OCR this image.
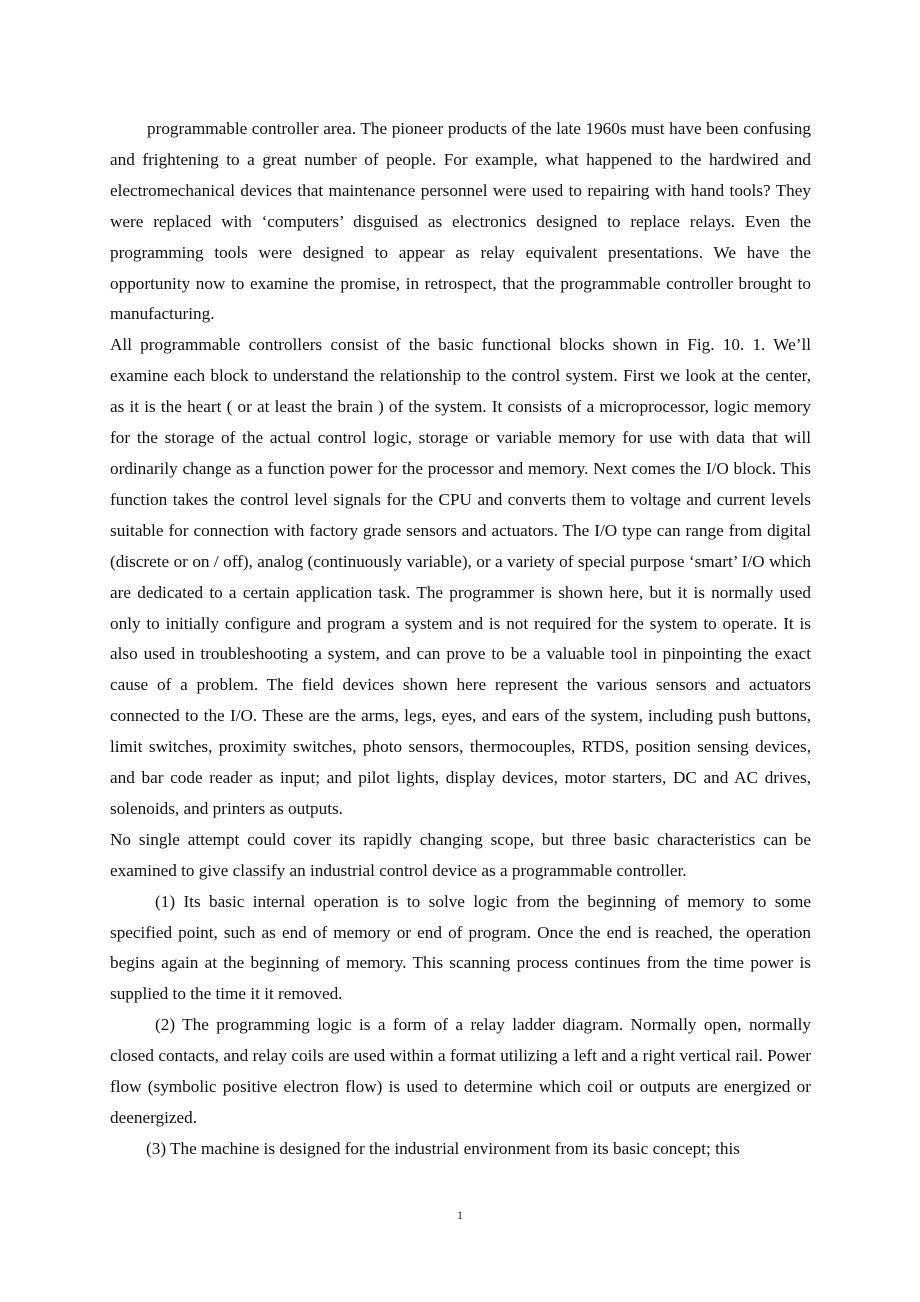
programmable controller area. The pioneer products of the late 1960s must have been confusing and frightening to a great number of people. For example, what happened to the hardwired and electromechanical devices that maintenance personnel were used to repairing with hand tools? They were replaced with ‘computers’ disguised as electronics designed to replace relays. Even the programming tools were designed to appear as relay equivalent presentations. We have the opportunity now to examine the promise, in retrospect, that the programmable controller brought to manufacturing.

All programmable controllers consist of the basic functional blocks shown in Fig. 10. 1. We’ll examine each block to understand the relationship to the control system. First we look at the center, as it is the heart ( or at least the brain ) of the system. It consists of a microprocessor, logic memory for the storage of the actual control logic, storage or variable memory for use with data that will ordinarily change as a function power for the processor and memory. Next comes the I/O block. This function takes the control level signals for the CPU and converts them to voltage and current levels suitable for connection with factory grade sensors and actuators. The I/O type can range from digital (discrete or on / off), analog (continuously variable), or a variety of special purpose ‘smart’ I/O which are dedicated to a certain application task. The programmer is shown here, but it is normally used only to initially configure and program a system and is not required for the system to operate. It is also used in troubleshooting a system, and can prove to be a valuable tool in pinpointing the exact cause of a problem. The field devices shown here represent the various sensors and actuators connected to the I/O. These are the arms, legs, eyes, and ears of the system, including push buttons, limit switches, proximity switches, photo sensors, thermocouples, RTDS, position sensing devices, and bar code reader as input; and pilot lights, display devices, motor starters, DC and AC drives, solenoids, and printers as outputs.

No single attempt could cover its rapidly changing scope, but three basic characteristics can be examined to give classify an industrial control device as a programmable controller.

(1) Its basic internal operation is to solve logic from the beginning of memory to some specified point, such as end of memory or end of program. Once the end is reached, the operation begins again at the beginning of memory. This scanning process continues from the time power is supplied to the time it it removed.

(2) The programming logic is a form of a relay ladder diagram. Normally open, normally closed contacts, and relay coils are used within a format utilizing a left and a right vertical rail. Power flow (symbolic positive electron flow) is used to determine which coil or outputs are energized or deenergized.

(3) The machine is designed for the industrial environment from its basic concept; this

1
